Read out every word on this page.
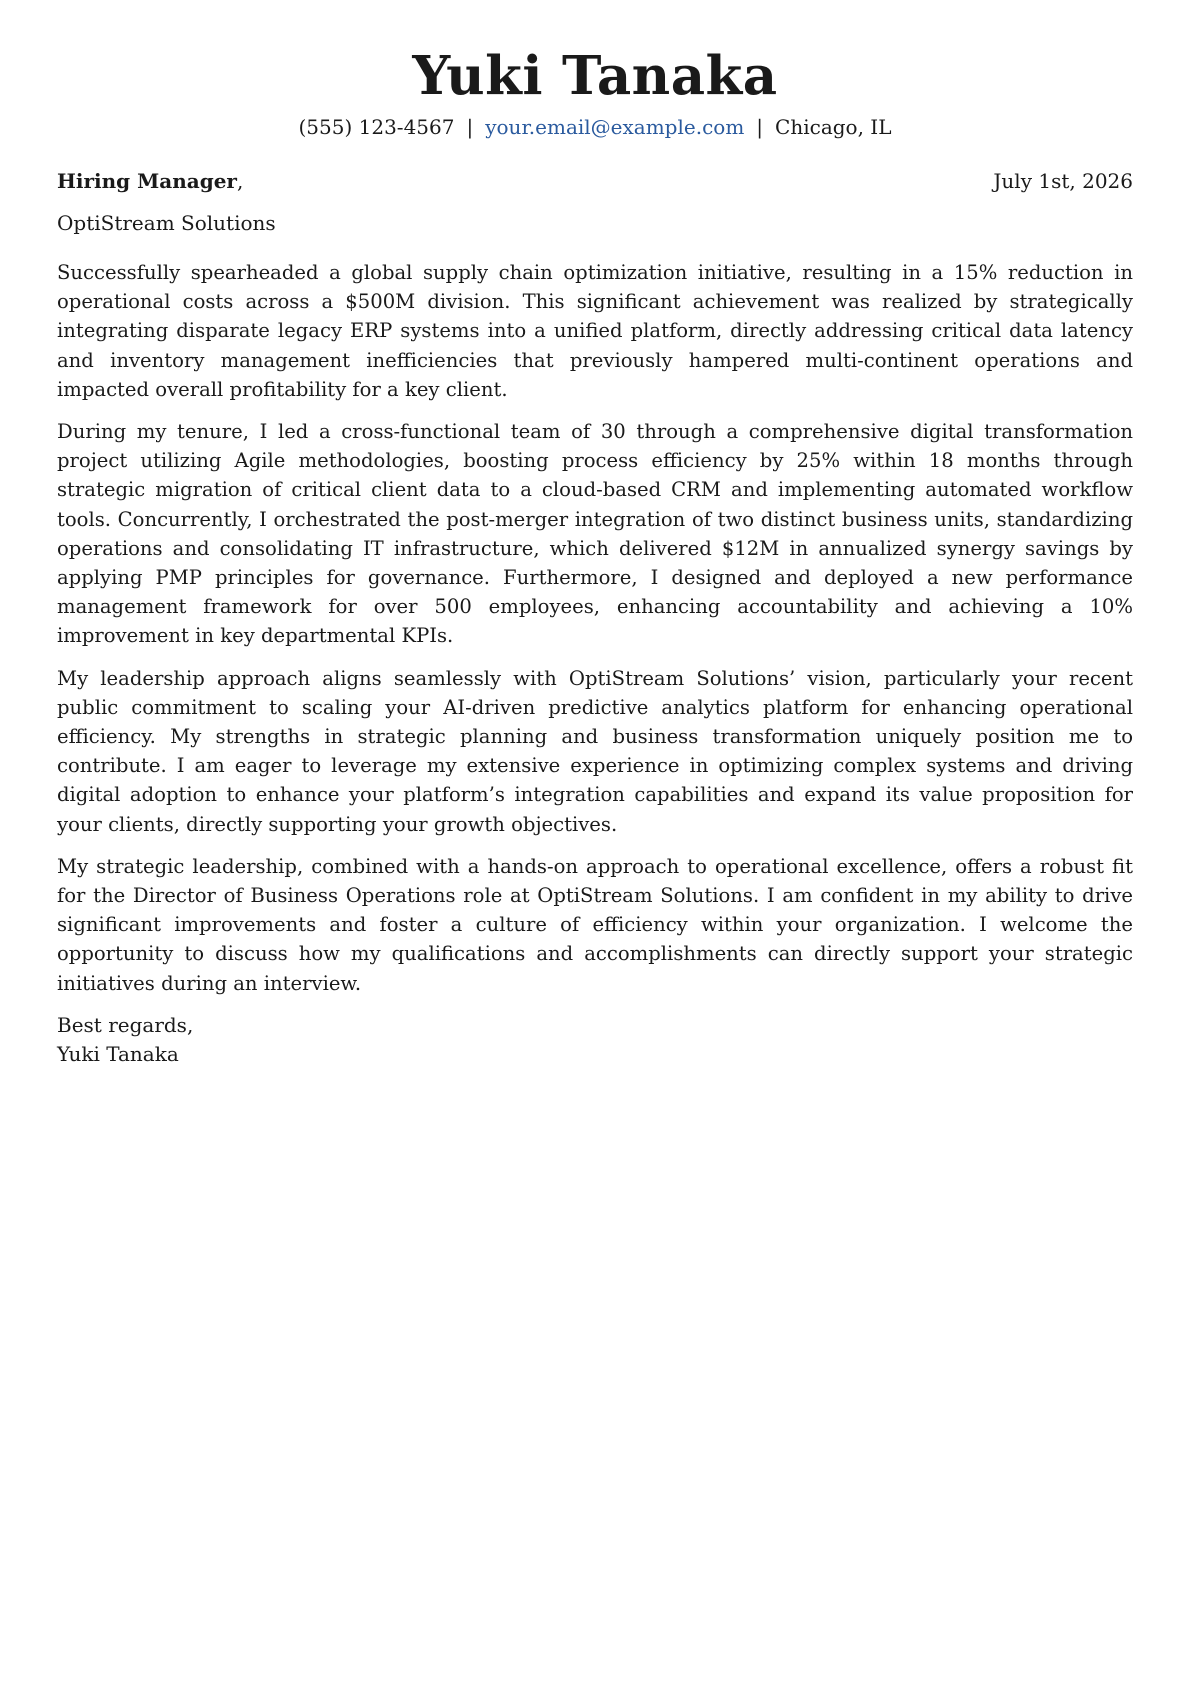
Yuki Tanaka
(555) 123-4567 | your.email@example.com | Chicago, IL
Hiring Manager,	July 1st, 2026
OptiStream Solutions

Successfully spearheaded a global supply chain optimization initiative, resulting in a 15% reduction in operational costs across a $500M division. This significant achievement was realized by strategically integrating disparate legacy ERP systems into a unified platform, directly addressing critical data latency and inventory management inefficiencies that previously hampered multi-continent operations and impacted overall profitability for a key client.

During my tenure, I led a cross-functional team of 30 through a comprehensive digital transformation project utilizing Agile methodologies, boosting process efficiency by 25% within 18 months through strategic migration of critical client data to a cloud-based CRM and implementing automated workflow tools. Concurrently, I orchestrated the post-merger integration of two distinct business units, standardizing operations and consolidating IT infrastructure, which delivered $12M in annualized synergy savings by applying PMP principles for governance. Furthermore, I designed and deployed a new performance management framework for over 500 employees, enhancing accountability and achieving a 10% improvement in key departmental KPIs.

My leadership approach aligns seamlessly with OptiStream Solutions’ vision, particularly your recent public commitment to scaling your AI-driven predictive analytics platform for enhancing operational efficiency. My strengths in strategic planning and business transformation uniquely position me to contribute. I am eager to leverage my extensive experience in optimizing complex systems and driving digital adoption to enhance your platform’s integration capabilities and expand its value proposition for your clients, directly supporting your growth objectives.

My strategic leadership, combined with a hands-on approach to operational excellence, offers a robust fit for the Director of Business Operations role at OptiStream Solutions. I am confident in my ability to drive significant improvements and foster a culture of efficiency within your organization. I welcome the opportunity to discuss how my qualifications and accomplishments can directly support your strategic initiatives during an interview.

Best regards,
Yuki Tanaka
